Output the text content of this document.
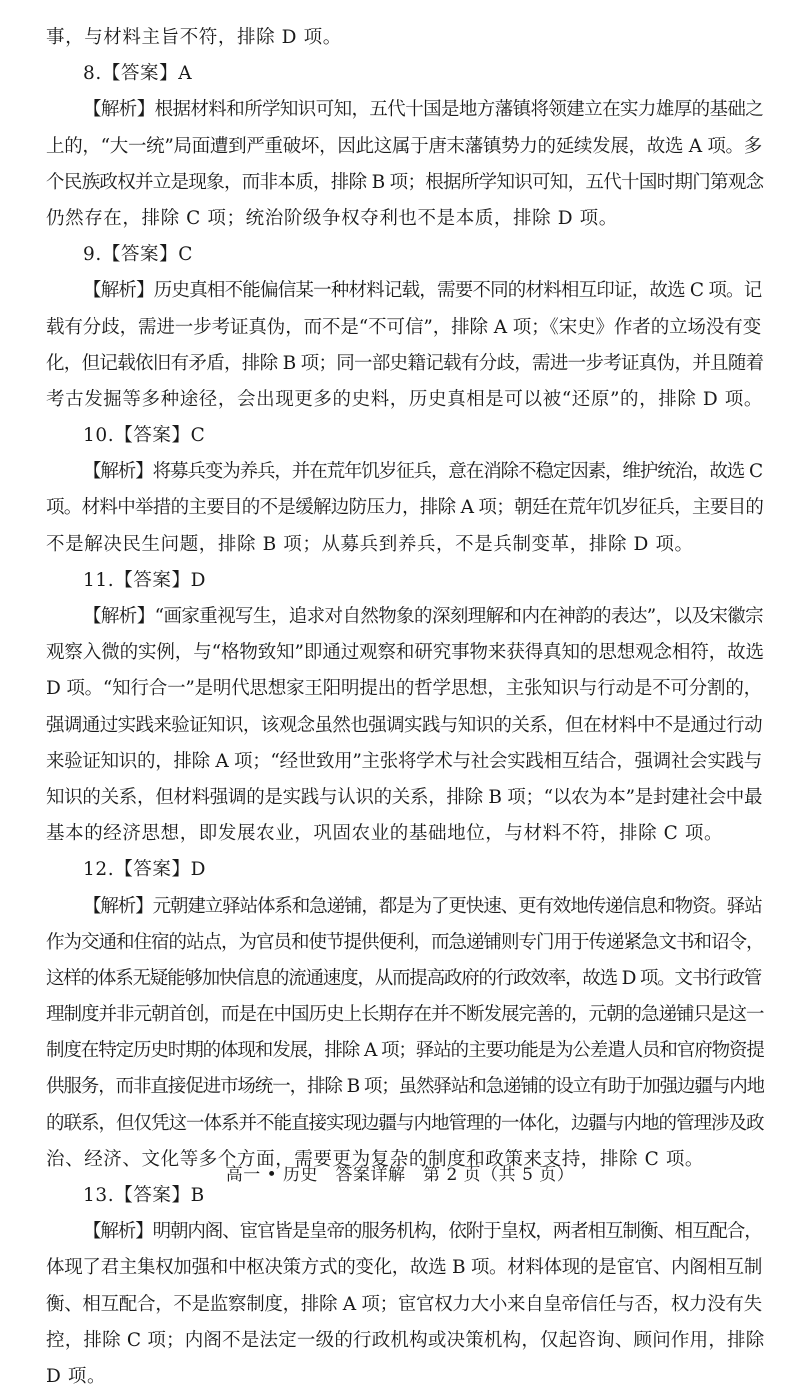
事，与材料主旨不符，排除 D 项。
8.【答案】A
【解析】根据材料和所学知识可知，五代十国是地方藩镇将领建立在实力雄厚的基础之
上的，“大一统”局面遭到严重破坏，因此这属于唐末藩镇势力的延续发展，故选 A 项。多
个民族政权并立是现象，而非本质，排除 B 项；根据所学知识可知，五代十国时期门第观念
仍然存在，排除 C 项；统治阶级争权夺利也不是本质，排除 D 项。
9.【答案】C
【解析】历史真相不能偏信某一种材料记载，需要不同的材料相互印证，故选 C 项。记
载有分歧，需进一步考证真伪，而不是“不可信”，排除 A 项；《宋史》作者的立场没有变
化，但记载依旧有矛盾，排除 B 项；同一部史籍记载有分歧，需进一步考证真伪，并且随着
考古发掘等多种途径，会出现更多的史料，历史真相是可以被“还原”的，排除 D 项。
10.【答案】C
【解析】将募兵变为养兵，并在荒年饥岁征兵，意在消除不稳定因素，维护统治，故选 C
项。材料中举措的主要目的不是缓解边防压力，排除 A 项；朝廷在荒年饥岁征兵，主要目的
不是解决民生问题，排除 B 项；从募兵到养兵，不是兵制变革，排除 D 项。
11.【答案】D
【解析】“画家重视写生，追求对自然物象的深刻理解和内在神韵的表达”，以及宋徽宗
观察入微的实例，与“格物致知”即通过观察和研究事物来获得真知的思想观念相符，故选
D 项。“知行合一”是明代思想家王阳明提出的哲学思想，主张知识与行动是不可分割的，
强调通过实践来验证知识，该观念虽然也强调实践与知识的关系，但在材料中不是通过行动
来验证知识的，排除 A 项；“经世致用”主张将学术与社会实践相互结合，强调社会实践与
知识的关系，但材料强调的是实践与认识的关系，排除 B 项；“以农为本”是封建社会中最
基本的经济思想，即发展农业，巩固农业的基础地位，与材料不符，排除 C 项。
12.【答案】D
【解析】元朝建立驿站体系和急递铺，都是为了更快速、更有效地传递信息和物资。驿站
作为交通和住宿的站点，为官员和使节提供便利，而急递铺则专门用于传递紧急文书和诏令，
这样的体系无疑能够加快信息的流通速度，从而提高政府的行政效率，故选 D 项。文书行政管
理制度并非元朝首创，而是在中国历史上长期存在并不断发展完善的，元朝的急递铺只是这一
制度在特定历史时期的体现和发展，排除 A 项；驿站的主要功能是为公差遣人员和官府物资提
供服务，而非直接促进市场统一，排除 B 项；虽然驿站和急递铺的设立有助于加强边疆与内地
的联系，但仅凭这一体系并不能直接实现边疆与内地管理的一体化，边疆与内地的管理涉及政
治、经济、文化等多个方面，需要更为复杂的制度和政策来支持，排除 C 项。
13.【答案】B
【解析】明朝内阁、宦官皆是皇帝的服务机构，依附于皇权，两者相互制衡、相互配合，
体现了君主集权加强和中枢决策方式的变化，故选 B 项。材料体现的是宦官、内阁相互制
衡、相互配合，不是监察制度，排除 A 项；宦官权力大小来自皇帝信任与否，权力没有失
控，排除 C 项；内阁不是法定一级的行政机构或决策机构，仅起咨询、顾问作用，排除
D 项。
高一 • 历史　答案详解　第 2 页（共 5 页）
